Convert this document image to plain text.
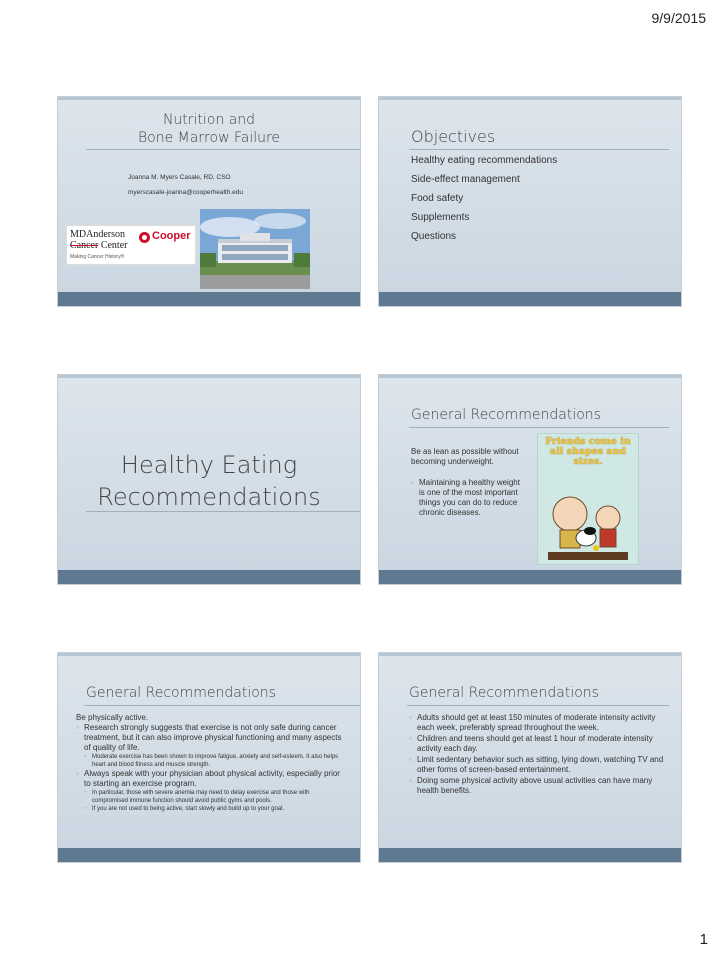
9/9/2015
Nutrition and
Bone Marrow Failure
Joanna M. Myers Casale, RD, CSO
myerscasale-joanna@cooperhealth.edu
MDAnderson
Cancer Center
Making Cancer History®
Cooper
Objectives
Healthy eating recommendations
Side-effect management
Food safety
Supplements
Questions
Healthy Eating
Recommendations
General Recommendations
Be as lean as possible without becoming underweight.
◦ Maintaining a healthy weight is one of the most important things you can do to reduce chronic diseases.
Friends come in all shapes and sizes.
General Recommendations
Be physically active.
◦ Research strongly suggests that exercise is not only safe during cancer treatment, but it can also improve physical functioning and many aspects of quality of life.
◦ Moderate exercise has been shown to improve fatigue, anxiety and self-esteem. It also helps heart and blood fitness and muscle strength.
◦ Always speak with your physician about physical activity, especially prior to starting an exercise program.
◦ In particular, those with severe anemia may need to delay exercise and those with compromised immune function should avoid public gyms and pools.
◦ If you are not used to being active, start slowly and build up to your goal.
General Recommendations
◦ Adults should get at least 150 minutes of moderate intensity activity each week, preferably spread throughout the week.
◦ Children and teens should get at least 1 hour of moderate intensity activity each day.
◦ Limit sedentary behavior such as sitting, lying down, watching TV and other forms of screen-based entertainment.
◦ Doing some physical activity above usual activities can have many health benefits.
1
